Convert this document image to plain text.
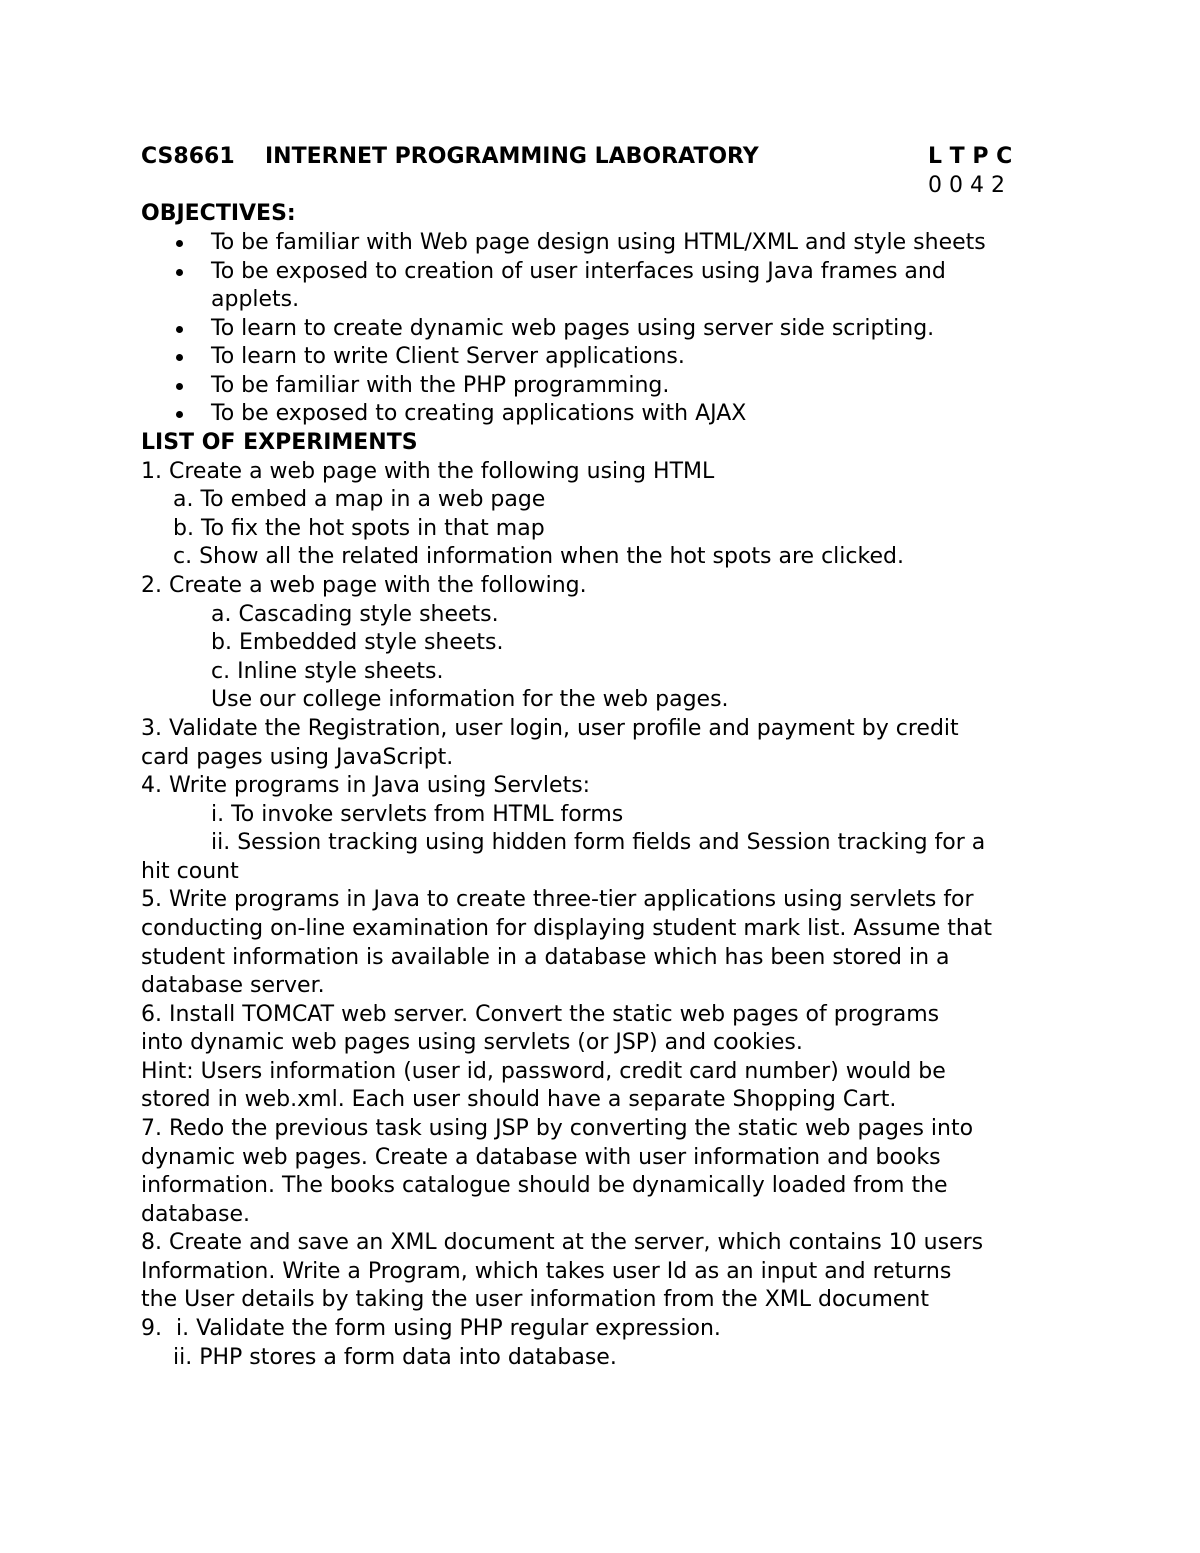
CS8661 INTERNET PROGRAMMING LABORATORY	L T P C
0 0 4 2
OBJECTIVES:
To be familiar with Web page design using HTML/XML and style sheets
To be exposed to creation of user interfaces using Java frames and
applets.
To learn to create dynamic web pages using server side scripting.
To learn to write Client Server applications.
To be familiar with the PHP programming.
To be exposed to creating applications with AJAX
LIST OF EXPERIMENTS
1. Create a web page with the following using HTML
a. To embed a map in a web page
b. To fix the hot spots in that map
c. Show all the related information when the hot spots are clicked.
2. Create a web page with the following.
a. Cascading style sheets.
b. Embedded style sheets.
c. Inline style sheets.
Use our college information for the web pages.
3. Validate the Registration, user login, user profile and payment by credit
card pages using JavaScript.
4. Write programs in Java using Servlets:
i. To invoke servlets from HTML forms
ii. Session tracking using hidden form fields and Session tracking for a
hit count
5. Write programs in Java to create three-tier applications using servlets for
conducting on-line examination for displaying student mark list. Assume that
student information is available in a database which has been stored in a
database server.
6. Install TOMCAT web server. Convert the static web pages of programs
into dynamic web pages using servlets (or JSP) and cookies.
Hint: Users information (user id, password, credit card number) would be
stored in web.xml. Each user should have a separate Shopping Cart.
7. Redo the previous task using JSP by converting the static web pages into
dynamic web pages. Create a database with user information and books
information. The books catalogue should be dynamically loaded from the
database.
8. Create and save an XML document at the server, which contains 10 users
Information. Write a Program, which takes user Id as an input and returns
the User details by taking the user information from the XML document
9.  i. Validate the form using PHP regular expression.
ii. PHP stores a form data into database.
